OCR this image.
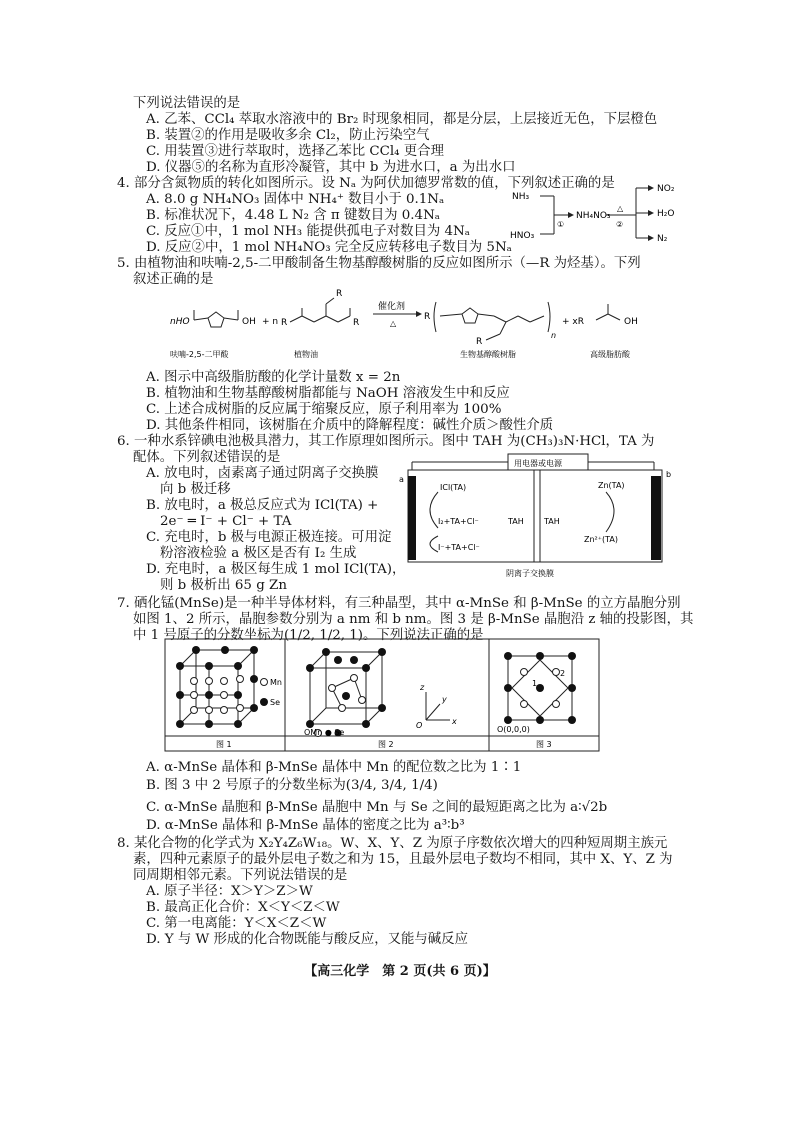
下列说法错误的是
A. 乙苯、CCl₄ 萃取水溶液中的 Br₂ 时现象相同，都是分层，上层接近无色，下层橙色
B. 装置②的作用是吸收多余 Cl₂，防止污染空气
C. 用装置③进行萃取时，选择乙苯比 CCl₄ 更合理
D. 仪器⑤的名称为直形冷凝管，其中 b 为进水口，a 为出水口
4. 部分含氮物质的转化如图所示。设 Nₐ 为阿伏加德罗常数的值，下列叙述正确的是
A. 8.0 g NH₄NO₃ 固体中 NH₄⁺ 数目小于 0.1Nₐ
B. 标准状况下，4.48 L N₂ 含 π 键数目为 0.4Nₐ
C. 反应①中，1 mol NH₃ 能提供孤电子对数目为 4Nₐ
D. 反应②中，1 mol NH₄NO₃ 完全反应转移电子数目为 5Nₐ
NH₃
HNO₃
①
NH₄NO₃
△
②
NO₂
H₂O
N₂
5. 由植物油和呋喃-2,5-二甲酸制备生物基醇酸树脂的反应如图所示（—R 为烃基）。下列
叙述正确的是
nHO	OH + n R
R
R
催化剂
△
R
R
n
+ xR	OH
呋喃-2,5-二甲酸	植物油	生物基醇酸树脂	高级脂肪酸
A. 图示中高级脂肪酸的化学计量数 x = 2n
B. 植物油和生物基醇酸树脂都能与 NaOH 溶液发生中和反应
C. 上述合成树脂的反应属于缩聚反应，原子利用率为 100%
D. 其他条件相同，该树脂在介质中的降解程度：碱性介质＞酸性介质
6. 一种水系锌碘电池极具潜力，其工作原理如图所示。图中 TAH 为(CH₃)₃N·HCl，TA 为
配体。下列叙述错误的是
A. 放电时，卤素离子通过阴离子交换膜
向 b 极迁移
B. 放电时，a 极总反应式为 ICl(TA) +
2e⁻ ═ I⁻ + Cl⁻ + TA
C. 充电时，b 极与电源正极连接。可用淀
粉溶液检验 a 极区是否有 I₂ 生成
D. 充电时，a 极区每生成 1 mol ICl(TA)，
则 b 极析出 65 g Zn
a
b
用电器或电源
ICl(TA)
I₂+TA+Cl⁻
I⁻+TA+Cl⁻
TAH	TAH
Zn(TA)
Zn²⁺(TA)
阴离子交换膜
7. 硒化锰(MnSe)是一种半导体材料，有三种晶型，其中 α-MnSe 和 β-MnSe 的立方晶胞分别
如图 1、2 所示，晶胞参数分别为 a nm 和 b nm。图 3 是 β-MnSe 晶胞沿 z 轴的投影图，其
中 1 号原子的分数坐标为(1/2, 1/2, 1)。下列说法正确的是
Mn
Se
OMn ● Se
z
y
x
O
1
2
O(0,0,0)
图 1	图 2	图 3
A. α-MnSe 晶体和 β-MnSe 晶体中 Mn 的配位数之比为 1∶1
B. 图 3 中 2 号原子的分数坐标为(3/4, 3/4, 1/4)
C. α-MnSe 晶胞和 β-MnSe 晶胞中 Mn 与 Se 之间的最短距离之比为 a∶√2b
D. α-MnSe 晶体和 β-MnSe 晶体的密度之比为 a³∶b³
8. 某化合物的化学式为 X₂Y₄Z₆W₁₈。W、X、Y、Z 为原子序数依次增大的四种短周期主族元
素，四种元素原子的最外层电子数之和为 15，且最外层电子数均不相同，其中 X、Y、Z 为
同周期相邻元素。下列说法错误的是
A. 原子半径：X＞Y＞Z＞W
B. 最高正化合价：X＜Y＜Z＜W
C. 第一电离能：Y＜X＜Z＜W
D. Y 与 W 形成的化合物既能与酸反应，又能与碱反应
【高三化学　第 2 页(共 6 页)】
